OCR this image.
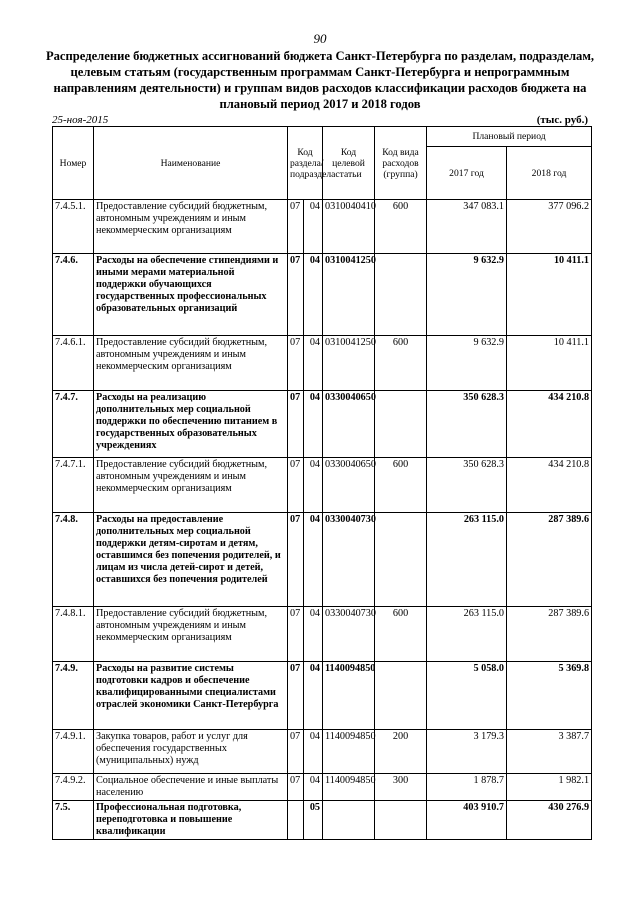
90
Распределение бюджетных ассигнований бюджета Санкт-Петербурга по разделам, подразделам, целевым статьям (государственным программам Санкт-Петербурга и непрограммным направлениям деятельности) и группам видов расходов классификации расходов бюджета на плановый период 2017 и 2018 годов
25-ноя-2015	(тыс. руб.)
Номер	Наименование	Код раздела/ подраздела		Код целевой статьи	Код вида расходов (группа)	Плановый период	
						2017 год	2018 год
7.4.5.1.	Предоставление субсидий бюджетным, автономным учреждениям и иным некоммерческим организациям	07	04	0310040410	600	347 083.1	377 096.2
7.4.6.	Расходы на обеспечение стипендиями и иными мерами материальной поддержки обучающихся государственных профессиональных образовательных организаций	07	04	0310041250		9 632.9	10 411.1
7.4.6.1.	Предоставление субсидий бюджетным, автономным учреждениям и иным некоммерческим организациям	07	04	0310041250	600	9 632.9	10 411.1
7.4.7.	Расходы на реализацию дополнительных мер социальной поддержки по обеспечению питанием в государственных образовательных учреждениях	07	04	0330040650		350 628.3	434 210.8
7.4.7.1.	Предоставление субсидий бюджетным, автономным учреждениям и иным некоммерческим организациям	07	04	0330040650	600	350 628.3	434 210.8
7.4.8.	Расходы на предоставление дополнительных мер социальной поддержки детям-сиротам и детям, оставшимся без попечения родителей, и лицам из числа детей-сирот и детей, оставшихся без попечения родителей	07	04	0330040730		263 115.0	287 389.6
7.4.8.1.	Предоставление субсидий бюджетным, автономным учреждениям и иным некоммерческим организациям	07	04	0330040730	600	263 115.0	287 389.6
7.4.9.	Расходы на развитие системы подготовки кадров и обеспечение квалифицированными специалистами отраслей экономики Санкт-Петербурга	07	04	1140094850		5 058.0	5 369.8
7.4.9.1.	Закупка товаров, работ и услуг для обеспечения государственных (муниципальных) нужд	07	04	1140094850	200	3 179.3	3 387.7
7.4.9.2.	Социальное обеспечение и иные выплаты населению	07	04	1140094850	300	1 878.7	1 982.1
7.5.	Профессиональная подготовка, переподготовка и повышение квалификации		05			403 910.7	430 276.9
